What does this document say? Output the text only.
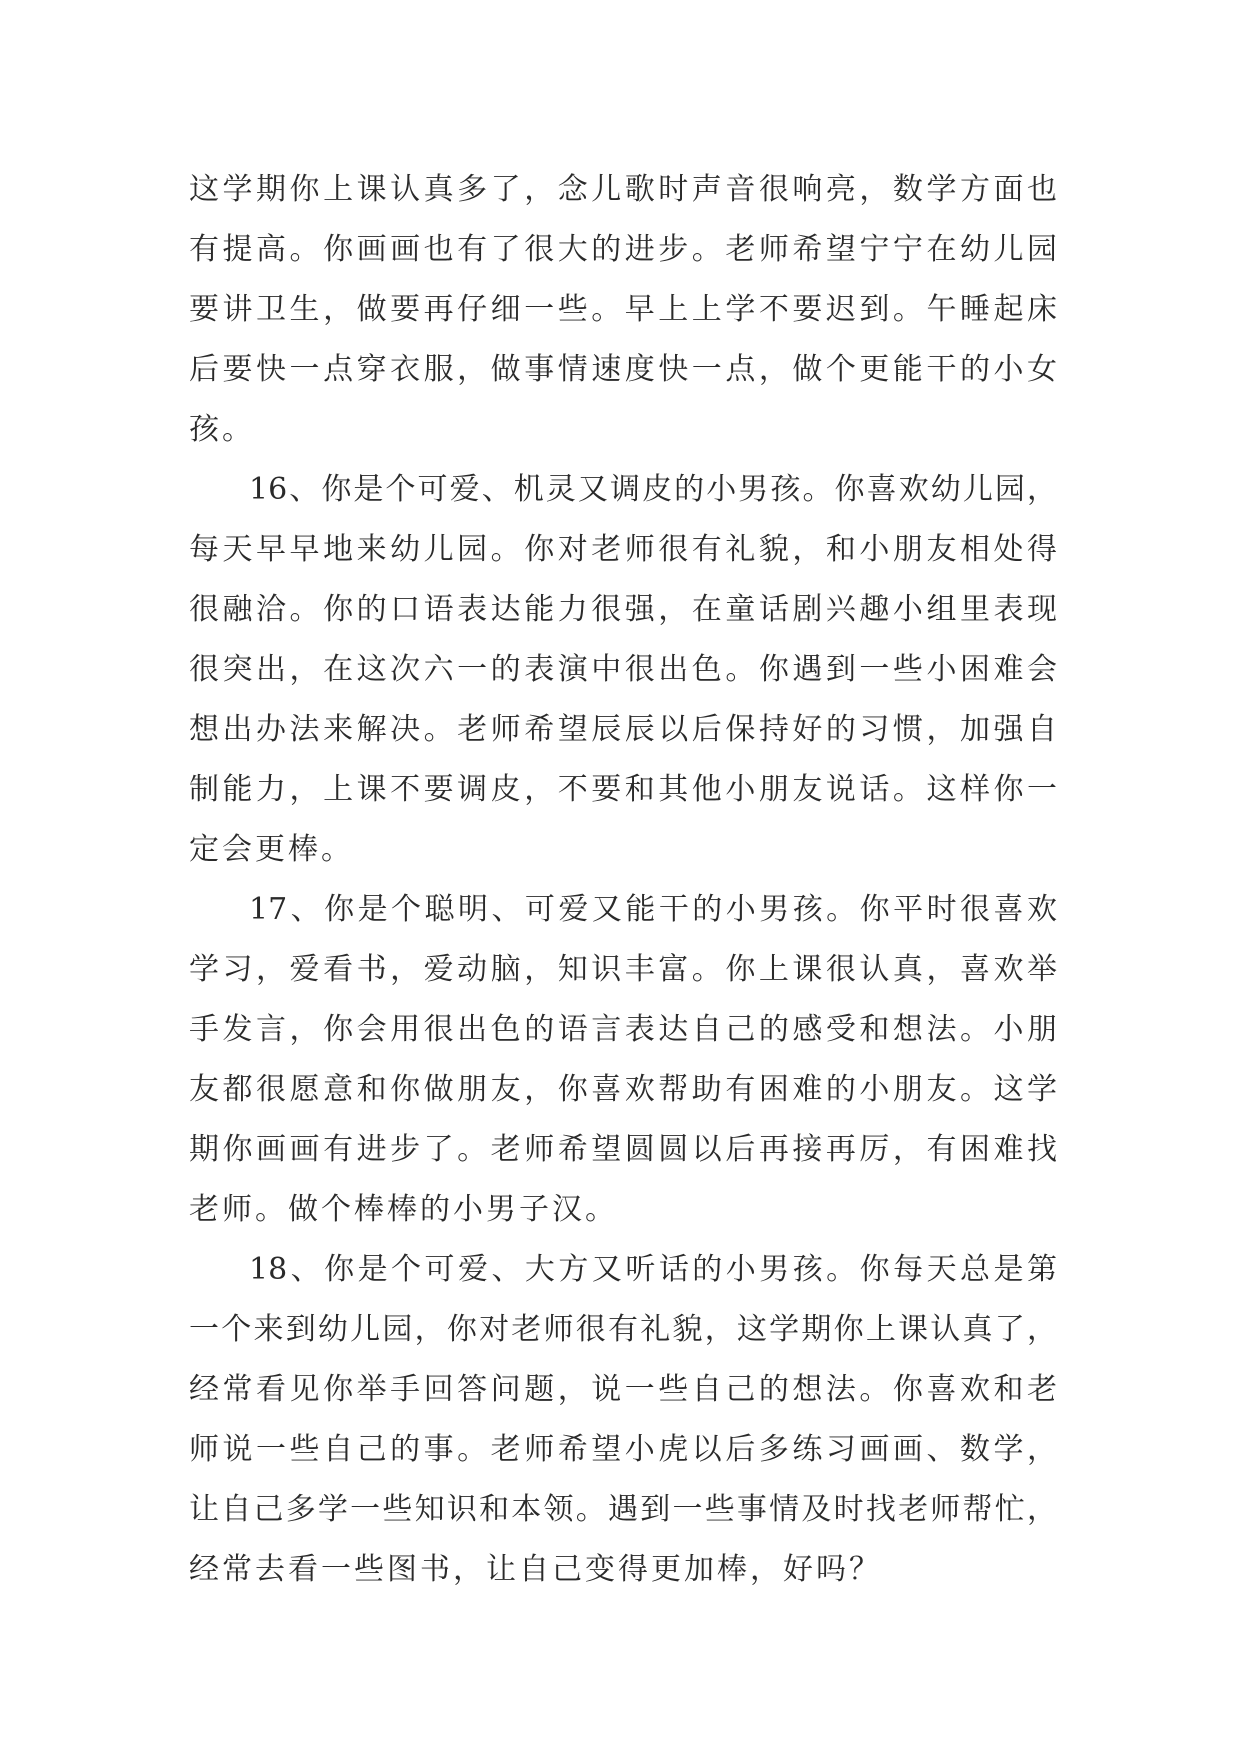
这学期你上课认真多了，念儿歌时声音很响亮，数学方面也
有提高。你画画也有了很大的进步。老师希望宁宁在幼儿园
要讲卫生，做要再仔细一些。早上上学不要迟到。午睡起床
后要快一点穿衣服，做事情速度快一点，做个更能干的小女
孩。
16、你是个可爱、机灵又调皮的小男孩。你喜欢幼儿园，
每天早早地来幼儿园。你对老师很有礼貌，和小朋友相处得
很融洽。你的口语表达能力很强，在童话剧兴趣小组里表现
很突出，在这次六一的表演中很出色。你遇到一些小困难会
想出办法来解决。老师希望辰辰以后保持好的习惯，加强自
制能力，上课不要调皮，不要和其他小朋友说话。这样你一
定会更棒。
17、你是个聪明、可爱又能干的小男孩。你平时很喜欢
学习，爱看书，爱动脑，知识丰富。你上课很认真，喜欢举
手发言，你会用很出色的语言表达自己的感受和想法。小朋
友都很愿意和你做朋友，你喜欢帮助有困难的小朋友。这学
期你画画有进步了。老师希望圆圆以后再接再厉，有困难找
老师。做个棒棒的小男子汉。
18、你是个可爱、大方又听话的小男孩。你每天总是第
一个来到幼儿园，你对老师很有礼貌，这学期你上课认真了，
经常看见你举手回答问题，说一些自己的想法。你喜欢和老
师说一些自己的事。老师希望小虎以后多练习画画、数学，
让自己多学一些知识和本领。遇到一些事情及时找老师帮忙，
经常去看一些图书，让自己变得更加棒，好吗？
